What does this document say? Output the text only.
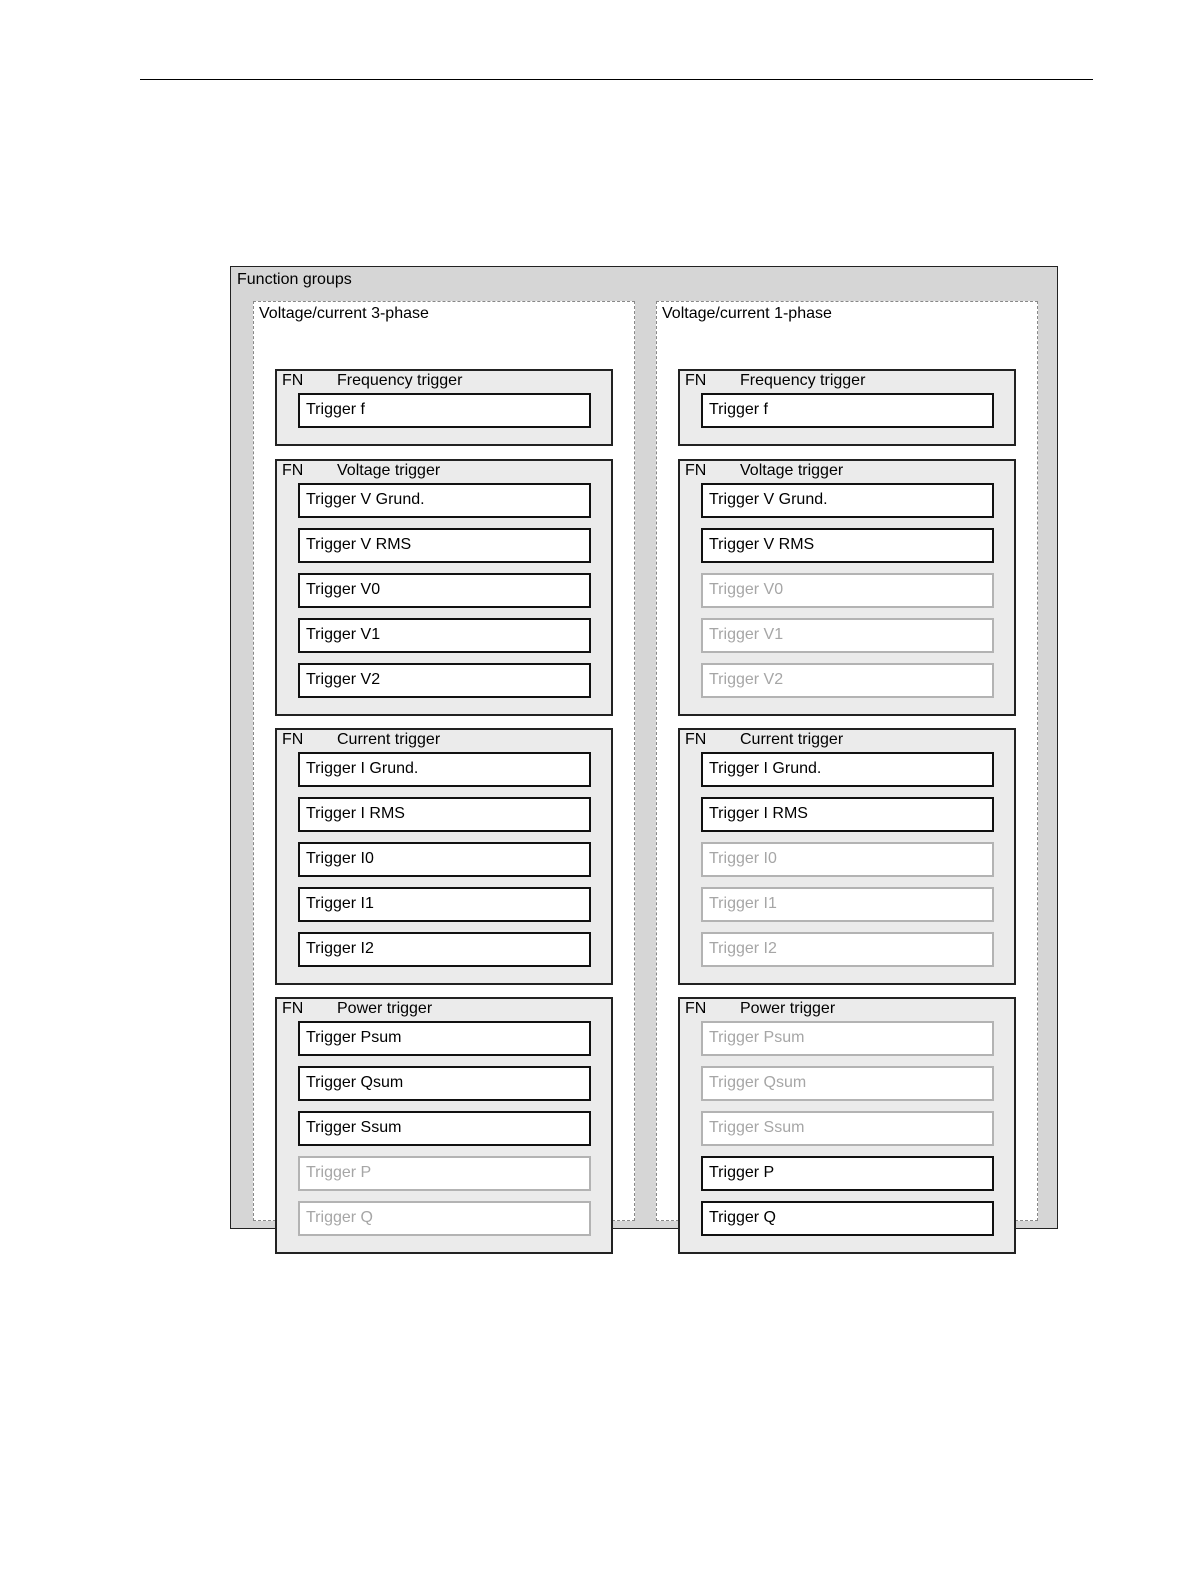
Function groups
Voltage/current 3-phase
FN Frequency trigger
Trigger f
FN Voltage trigger
Trigger V Grund.
Trigger V RMS
Trigger V0
Trigger V1
Trigger V2
FN Current trigger
Trigger I Grund.
Trigger I RMS
Trigger I0
Trigger I1
Trigger I2
FN Power trigger
Trigger Psum
Trigger Qsum
Trigger Ssum
Trigger P
Trigger Q
Voltage/current 1-phase
FN Frequency trigger
Trigger f
FN Voltage trigger
Trigger V Grund.
Trigger V RMS
Trigger V0
Trigger V1
Trigger V2
FN Current trigger
Trigger I Grund.
Trigger I RMS
Trigger I0
Trigger I1
Trigger I2
FN Power trigger
Trigger Psum
Trigger Qsum
Trigger Ssum
Trigger P
Trigger Q
